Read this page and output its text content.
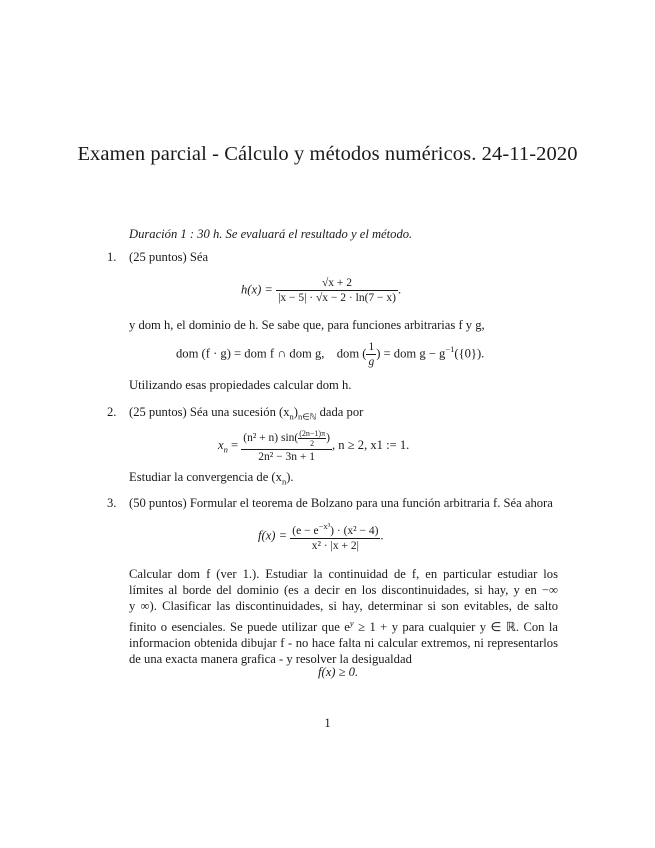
Examen parcial - Cálculo y métodos numéricos. 24-11-2020
Duración 1 : 30 h. Se evaluará el resultado y el método.
1. (25 puntos) Séa
$h(x) = \frac{√x + 2}{|x - 5| \cdot √x - 2 \cdot \ln(7 - x)}$ .
y dom h, el dominio de h. Se sabe que, para funciones arbitrarias f y g,
dom (f · g) = dom f ∩ dom g, dom ( $\frac{1}{g}$ ) = dom $g - g^{-1}(\{0\})$.
Utilizando esas propiedades calcular dom h.
2. (25 puntos) Séa una sucesión $(x_n)_{n\in ℕ}$ dada por
$x_n = \frac{(n^2 + n) \sin( \frac{(2n-1)\pi}{2} )}{\text{2n² − 3n + 1}}$ , n ≥ 2, x1 := 1.
Estudiar la convergencia de $(x_n)$.
3. (50 puntos) Formular el teorema de Bolzano para una función arbitraria f. Séa ahora
$f(x) = \frac{(e - e^{-x^3}) \cdot (x^2 - 4)}{\text{x² · |x + 2|}}$ .
Calcular dom f (ver 1.). Estudiar la continuidad de f, en particular estudiar los
límites al borde del dominio (es a decir en los discontinuidades, si hay, y en −∞
y ∞). Clasificar las discontinuidades, si hay, determinar si son evitables, de salto
finito o esenciales. Se puede utilizar que $e^y \ge 1 + y$ para cualquier y ∈ ℝ. Con la
informacion obtenida dibujar f - no hace falta ni calcular extremos, ni representarlos
de una exacta manera grafica - y resolver la desigualdad
f(x) ≥ 0.
1
